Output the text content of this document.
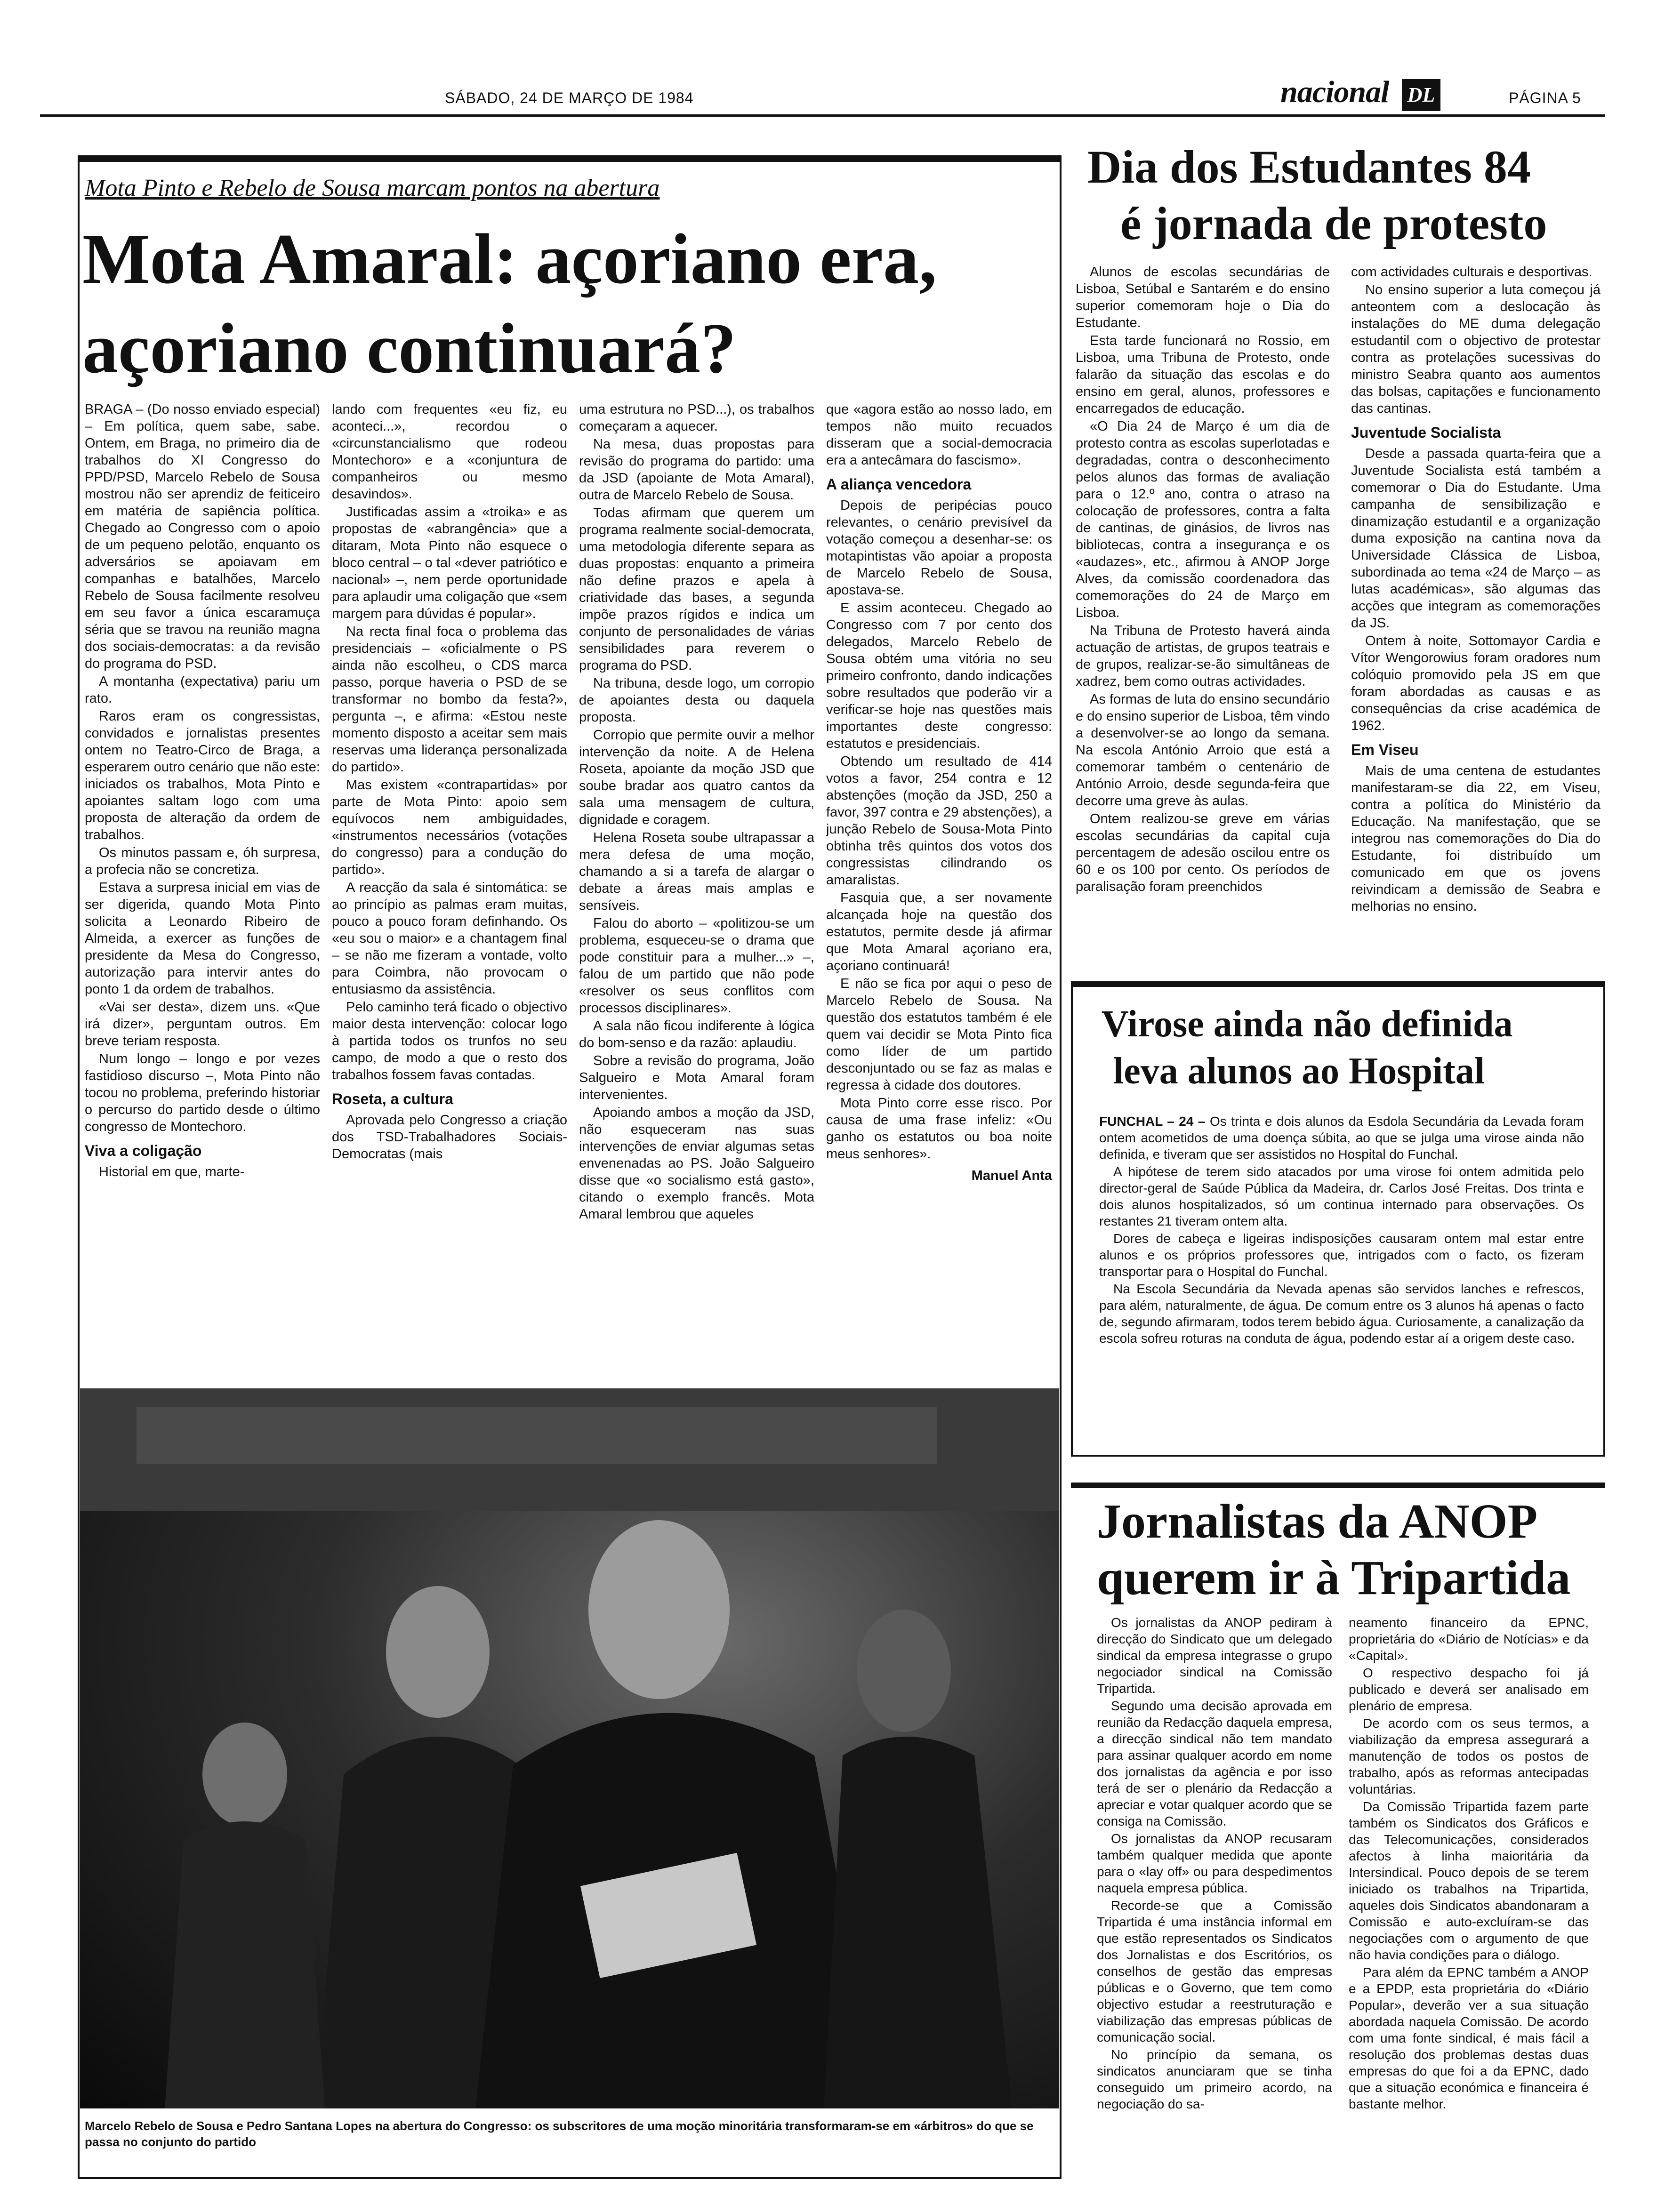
SÁBADO, 24 DE MARÇO DE 1984	nacional DL	PÁGINA 5
Mota Pinto e Rebelo de Sousa marcam pontos na abertura
Mota Amaral: açoriano era,
açoriano continuará?

BRAGA – (Do nosso enviado especial) – Em política, quem sabe, sabe. Ontem, em Braga, no primeiro dia de trabalhos do XI Congresso do PPD/PSD, Marcelo Rebelo de Sousa mostrou não ser aprendiz de feiticeiro em matéria de sapiência política. Chegado ao Congresso com o apoio de um pequeno pelotão, enquanto os adversários se apoiavam em companhas e batalhões, Marcelo Rebelo de Sousa facilmente resolveu em seu favor a única escaramuça séria que se travou na reunião magna dos sociais-democratas: a da revisão do programa do PSD.

A montanha (expectativa) pariu um rato.

Raros eram os congressistas, convidados e jornalistas presentes ontem no Teatro-Circo de Braga, a esperarem outro cenário que não este: iniciados os trabalhos, Mota Pinto e apoiantes saltam logo com uma proposta de alteração da ordem de trabalhos.

Os minutos passam e, óh surpresa, a profecia não se concretiza.

Estava a surpresa inicial em vias de ser digerida, quando Mota Pinto solicita a Leonardo Ribeiro de Almeida, a exercer as funções de presidente da Mesa do Congresso, autorização para intervir antes do ponto 1 da ordem de trabalhos.

«Vai ser desta», dizem uns. «Que irá dizer», perguntam outros. Em breve teriam resposta.

Num longo – longo e por vezes fastidioso discurso –, Mota Pinto não tocou no problema, preferindo historiar o percurso do partido desde o último congresso de Montechoro.

Viva a coligação

Historial em que, marte-

lando com frequentes «eu fiz, eu aconteci...», recordou o «circunstancialismo que rodeou Montechoro» e a «conjuntura de companheiros ou mesmo desavindos».

Justificadas assim a «troika» e as propostas de «abrangência» que a ditaram, Mota Pinto não esquece o bloco central – o tal «dever patriótico e nacional» –, nem perde oportunidade para aplaudir uma coligação que «sem margem para dúvidas é popular».

Na recta final foca o problema das presidenciais – «oficialmente o PS ainda não escolheu, o CDS marca passo, porque haveria o PSD de se transformar no bombo da festa?», pergunta –, e afirma: «Estou neste momento disposto a aceitar sem mais reservas uma liderança personalizada do partido».

Mas existem «contrapartidas» por parte de Mota Pinto: apoio sem equívocos nem ambiguidades, «instrumentos necessários (votações do congresso) para a condução do partido».

A reacção da sala é sintomática: se ao princípio as palmas eram muitas, pouco a pouco foram definhando. Os «eu sou o maior» e a chantagem final – se não me fizeram a vontade, volto para Coimbra, não provocam o entusiasmo da assistência.

Pelo caminho terá ficado o objectivo maior desta intervenção: colocar logo à partida todos os trunfos no seu campo, de modo a que o resto dos trabalhos fossem favas contadas.

Roseta, a cultura

Aprovada pelo Congresso a criação dos TSD-Trabalhadores Sociais-Democratas (mais

uma estrutura no PSD...), os trabalhos começaram a aquecer.

Na mesa, duas propostas para revisão do programa do partido: uma da JSD (apoiante de Mota Amaral), outra de Marcelo Rebelo de Sousa.

Todas afirmam que querem um programa realmente social-democrata, uma metodologia diferente separa as duas propostas: enquanto a primeira não define prazos e apela à criatividade das bases, a segunda impõe prazos rígidos e indica um conjunto de personalidades de várias sensibilidades para reverem o programa do PSD.

Na tribuna, desde logo, um corropio de apoiantes desta ou daquela proposta.

Corropio que permite ouvir a melhor intervenção da noite. A de Helena Roseta, apoiante da moção JSD que soube bradar aos quatro cantos da sala uma mensagem de cultura, dignidade e coragem.

Helena Roseta soube ultrapassar a mera defesa de uma moção, chamando a si a tarefa de alargar o debate a áreas mais amplas e sensíveis.

Falou do aborto – «politizou-se um problema, esqueceu-se o drama que pode constituir para a mulher...» –, falou de um partido que não pode «resolver os seus conflitos com processos disciplinares».

A sala não ficou indiferente à lógica do bom-senso e da razão: aplaudiu.

Sobre a revisão do programa, João Salgueiro e Mota Amaral foram intervenientes.

Apoiando ambos a moção da JSD, não esqueceram nas suas intervenções de enviar algumas setas envenenadas ao PS. João Salgueiro disse que «o socialismo está gasto», citando o exemplo francês. Mota Amaral lembrou que aqueles

que «agora estão ao nosso lado, em tempos não muito recuados disseram que a social-democracia era a antecâmara do fascismo».

A aliança vencedora

Depois de peripécias pouco relevantes, o cenário previsível da votação começou a desenhar-se: os motapintistas vão apoiar a proposta de Marcelo Rebelo de Sousa, apostava-se.

E assim aconteceu. Chegado ao Congresso com 7 por cento dos delegados, Marcelo Rebelo de Sousa obtém uma vitória no seu primeiro confronto, dando indicações sobre resultados que poderão vir a verificar-se hoje nas questões mais importantes deste congresso: estatutos e presidenciais.

Obtendo um resultado de 414 votos a favor, 254 contra e 12 abstenções (moção da JSD, 250 a favor, 397 contra e 29 abstenções), a junção Rebelo de Sousa-Mota Pinto obtinha três quintos dos votos dos congressistas cilindrando os amaralistas.

Fasquia que, a ser novamente alcançada hoje na questão dos estatutos, permite desde já afirmar que Mota Amaral açoriano era, açoriano continuará!

E não se fica por aqui o peso de Marcelo Rebelo de Sousa. Na questão dos estatutos também é ele quem vai decidir se Mota Pinto fica como líder de um partido desconjuntado ou se faz as malas e regressa à cidade dos doutores.

Mota Pinto corre esse risco. Por causa de uma frase infeliz: «Ou ganho os estatutos ou boa noite meus senhores».

Manuel Anta
Marcelo Rebelo de Sousa e Pedro Santana Lopes na abertura do Congresso: os subscritores de uma moção minoritária transformaram-se em «árbitros» do que se passa no conjunto do partido
Dia dos Estudantes 84
é jornada de protesto

Alunos de escolas secundárias de Lisboa, Setúbal e Santarém e do ensino superior comemoram hoje o Dia do Estudante.

Esta tarde funcionará no Rossio, em Lisboa, uma Tribuna de Protesto, onde falarão da situação das escolas e do ensino em geral, alunos, professores e encarregados de educação.

«O Dia 24 de Março é um dia de protesto contra as escolas superlotadas e degradadas, contra o desconhecimento pelos alunos das formas de avaliação para o 12.º ano, contra o atraso na colocação de professores, contra a falta de cantinas, de ginásios, de livros nas bibliotecas, contra a insegurança e os «audazes», etc., afirmou à ANOP Jorge Alves, da comissão coordenadora das comemorações do 24 de Março em Lisboa.

Na Tribuna de Protesto haverá ainda actuação de artistas, de grupos teatrais e de grupos, realizar-se-ão simultâneas de xadrez, bem como outras actividades.

As formas de luta do ensino secundário e do ensino superior de Lisboa, têm vindo a desenvolver-se ao longo da semana. Na escola António Arroio que está a comemorar também o centenário de António Arroio, desde segunda-feira que decorre uma greve às aulas.

Ontem realizou-se greve em várias escolas secundárias da capital cuja percentagem de adesão oscilou entre os 60 e os 100 por cento. Os períodos de paralisação foram preenchidos

com actividades culturais e desportivas.

No ensino superior a luta começou já anteontem com a deslocação às instalações do ME duma delegação estudantil com o objectivo de protestar contra as protelações sucessivas do ministro Seabra quanto aos aumentos das bolsas, capitações e funcionamento das cantinas.

Juventude Socialista

Desde a passada quarta-feira que a Juventude Socialista está também a comemorar o Dia do Estudante. Uma campanha de sensibilização e dinamização estudantil e a organização duma exposição na cantina nova da Universidade Clássica de Lisboa, subordinada ao tema «24 de Março – as lutas académicas», são algumas das acções que integram as comemorações da JS.

Ontem à noite, Sottomayor Cardia e Vítor Wengorowius foram oradores num colóquio promovido pela JS em que foram abordadas as causas e as consequências da crise académica de 1962.

Em Viseu

Mais de uma centena de estudantes manifestaram-se dia 22, em Viseu, contra a política do Ministério da Educação. Na manifestação, que se integrou nas comemorações do Dia do Estudante, foi distribuído um comunicado em que os jovens reivindicam a demissão de Seabra e melhorias no ensino.

Virose ainda não definida
leva alunos ao Hospital

FUNCHAL – 24 – Os trinta e dois alunos da Esdola Secundária da Levada foram ontem acometidos de uma doença súbita, ao que se julga uma virose ainda não definida, e tiveram que ser assistidos no Hospital do Funchal.

A hipótese de terem sido atacados por uma virose foi ontem admitida pelo director-geral de Saúde Pública da Madeira, dr. Carlos José Freitas. Dos trinta e dois alunos hospitalizados, só um continua internado para observações. Os restantes 21 tiveram ontem alta.

Dores de cabeça e ligeiras indisposições causaram ontem mal estar entre alunos e os próprios professores que, intrigados com o facto, os fizeram transportar para o Hospital do Funchal.

Na Escola Secundária da Nevada apenas são servidos lanches e refrescos, para além, naturalmente, de água. De comum entre os 3 alunos há apenas o facto de, segundo afirmaram, todos terem bebido água. Curiosamente, a canalização da escola sofreu roturas na conduta de água, podendo estar aí a origem deste caso.

Jornalistas da ANOP
querem ir à Tripartida

Os jornalistas da ANOP pediram à direcção do Sindicato que um delegado sindical da empresa integrasse o grupo negociador sindical na Comissão Tripartida.

Segundo uma decisão aprovada em reunião da Redacção daquela empresa, a direcção sindical não tem mandato para assinar qualquer acordo em nome dos jornalistas da agência e por isso terá de ser o plenário da Redacção a apreciar e votar qualquer acordo que se consiga na Comissão.

Os jornalistas da ANOP recusaram também qualquer medida que aponte para o «lay off» ou para despedimentos naquela empresa pública.

Recorde-se que a Comissão Tripartida é uma instância informal em que estão representados os Sindicatos dos Jornalistas e dos Escritórios, os conselhos de gestão das empresas públicas e o Governo, que tem como objectivo estudar a reestruturação e viabilização das empresas públicas de comunicação social.

No princípio da semana, os sindicatos anunciaram que se tinha conseguido um primeiro acordo, na negociação do sa-

neamento financeiro da EPNC, proprietária do «Diário de Notícias» e da «Capital».

O respectivo despacho foi já publicado e deverá ser analisado em plenário de empresa.

De acordo com os seus termos, a viabilização da empresa assegurará a manutenção de todos os postos de trabalho, após as reformas antecipadas voluntárias.

Da Comissão Tripartida fazem parte também os Sindicatos dos Gráficos e das Telecomunicações, considerados afectos à linha maioritária da Intersindical. Pouco depois de se terem iniciado os trabalhos na Tripartida, aqueles dois Sindicatos abandonaram a Comissão e auto-excluíram-se das negociações com o argumento de que não havia condições para o diálogo.

Para além da EPNC também a ANOP e a EPDP, esta proprietária do «Diário Popular», deverão ver a sua situação abordada naquela Comissão. De acordo com uma fonte sindical, é mais fácil a resolução dos problemas destas duas empresas do que foi a da EPNC, dado que a situação económica e financeira é bastante melhor.
